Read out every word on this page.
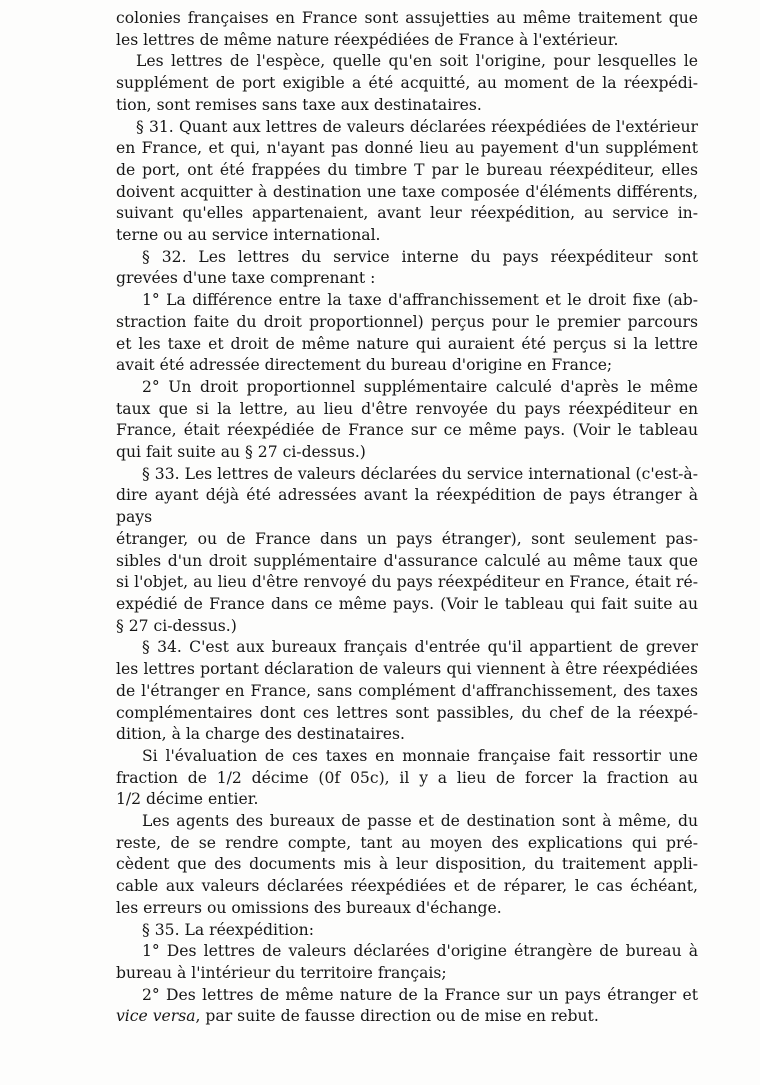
colonies françaises en France sont assujetties au même traitement que

les lettres de même nature réexpédiées de France à l'extérieur.

Les lettres de l'espèce, quelle qu'en soit l'origine, pour lesquelles le

supplément de port exigible a été acquitté, au moment de la réexpédi-

tion, sont remises sans taxe aux destinataires.

§ 31. Quant aux lettres de valeurs déclarées réexpédiées de l'extérieur

en France, et qui, n'ayant pas donné lieu au payement d'un supplément

de port, ont été frappées du timbre T par le bureau réexpéditeur, elles

doivent acquitter à destination une taxe composée d'éléments différents,

suivant qu'elles appartenaient, avant leur réexpédition, au service in-

terne ou au service international.

§ 32. Les lettres du service interne du pays réexpéditeur sont

grevées d'une taxe comprenant :

1° La différence entre la taxe d'affranchissement et le droit fixe (ab-

straction faite du droit proportionnel) perçus pour le premier parcours

et les taxe et droit de même nature qui auraient été perçus si la lettre

avait été adressée directement du bureau d'origine en France;

2° Un droit proportionnel supplémentaire calculé d'après le même

taux que si la lettre, au lieu d'être renvoyée du pays réexpéditeur en

France, était réexpédiée de France sur ce même pays. (Voir le tableau

qui fait suite au § 27 ci-dessus.)

§ 33. Les lettres de valeurs déclarées du service international (c'est-à-

dire ayant déjà été adressées avant la réexpédition de pays étranger à pays

étranger, ou de France dans un pays étranger), sont seulement pas-

sibles d'un droit supplémentaire d'assurance calculé au même taux que

si l'objet, au lieu d'être renvoyé du pays réexpéditeur en France, était ré-

expédié de France dans ce même pays. (Voir le tableau qui fait suite au

§ 27 ci-dessus.)

§ 34. C'est aux bureaux français d'entrée qu'il appartient de grever

les lettres portant déclaration de valeurs qui viennent à être réexpédiées

de l'étranger en France, sans complément d'affranchissement, des taxes

complémentaires dont ces lettres sont passibles, du chef de la réexpé-

dition, à la charge des destinataires.

Si l'évaluation de ces taxes en monnaie française fait ressortir une

fraction de 1/2 décime (0f 05c), il y a lieu de forcer la fraction au

1/2 décime entier.

Les agents des bureaux de passe et de destination sont à même, du

reste, de se rendre compte, tant au moyen des explications qui pré-

cèdent que des documents mis à leur disposition, du traitement appli-

cable aux valeurs déclarées réexpédiées et de réparer, le cas échéant,

les erreurs ou omissions des bureaux d'échange.

§ 35. La réexpédition:

1° Des lettres de valeurs déclarées d'origine étrangère de bureau à

bureau à l'intérieur du territoire français;

2° Des lettres de même nature de la France sur un pays étranger et

vice versa, par suite de fausse direction ou de mise en rebut.
